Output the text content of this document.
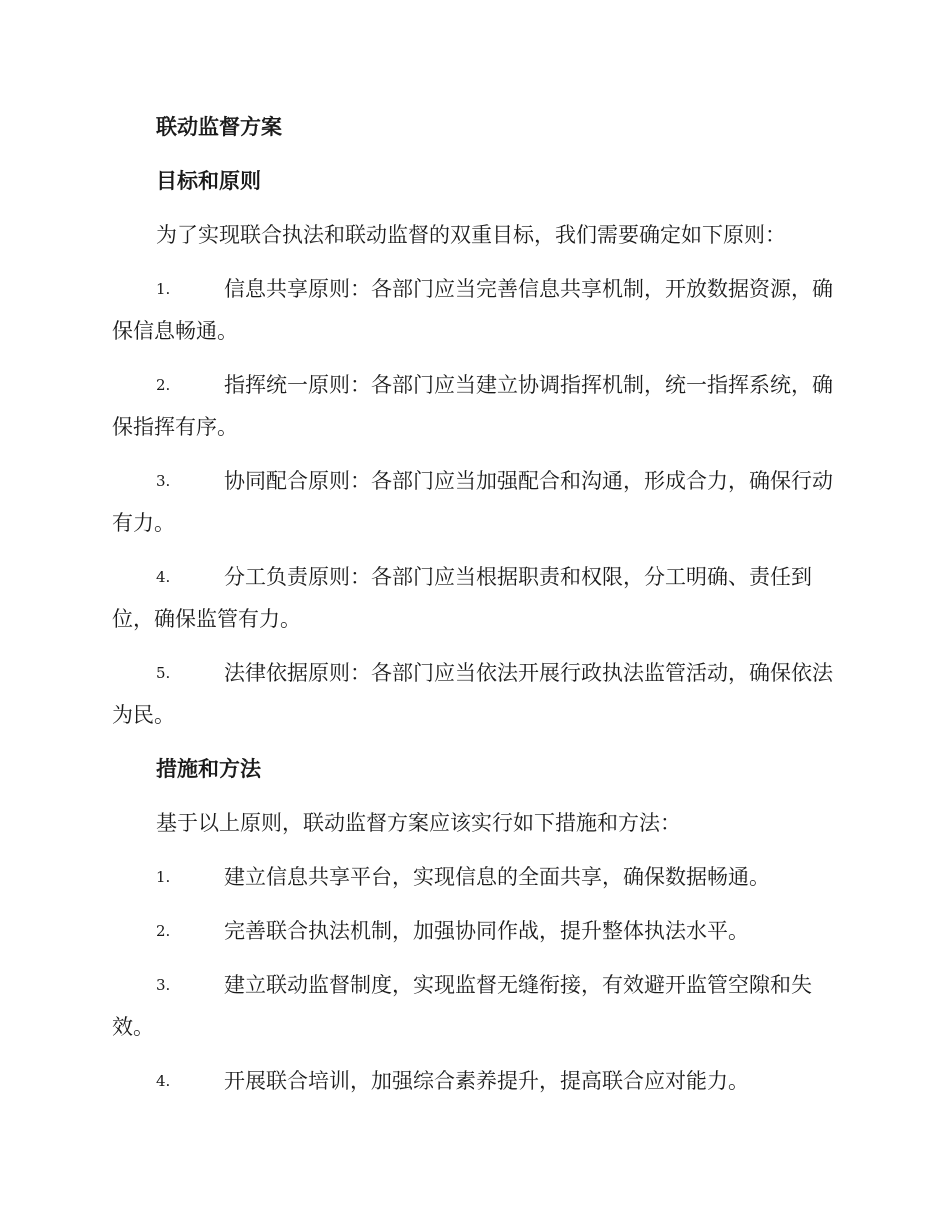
联动监督方案
目标和原则
为了实现联合执法和联动监督的双重目标，我们需要确定如下原则：
1.	信息共享原则：各部门应当完善信息共享机制，开放数据资源，确保信息畅通。
2.	指挥统一原则：各部门应当建立协调指挥机制，统一指挥系统，确保指挥有序。
3.	协同配合原则：各部门应当加强配合和沟通，形成合力，确保行动有力。
4.	分工负责原则：各部门应当根据职责和权限，分工明确、责任到位，确保监管有力。
5.	法律依据原则：各部门应当依法开展行政执法监管活动，确保依法为民。
措施和方法
基于以上原则，联动监督方案应该实行如下措施和方法：
1.	建立信息共享平台，实现信息的全面共享，确保数据畅通。
2.	完善联合执法机制，加强协同作战，提升整体执法水平。
3.	建立联动监督制度，实现监督无缝衔接，有效避开监管空隙和失效。
4.	开展联合培训，加强综合素养提升，提高联合应对能力。
